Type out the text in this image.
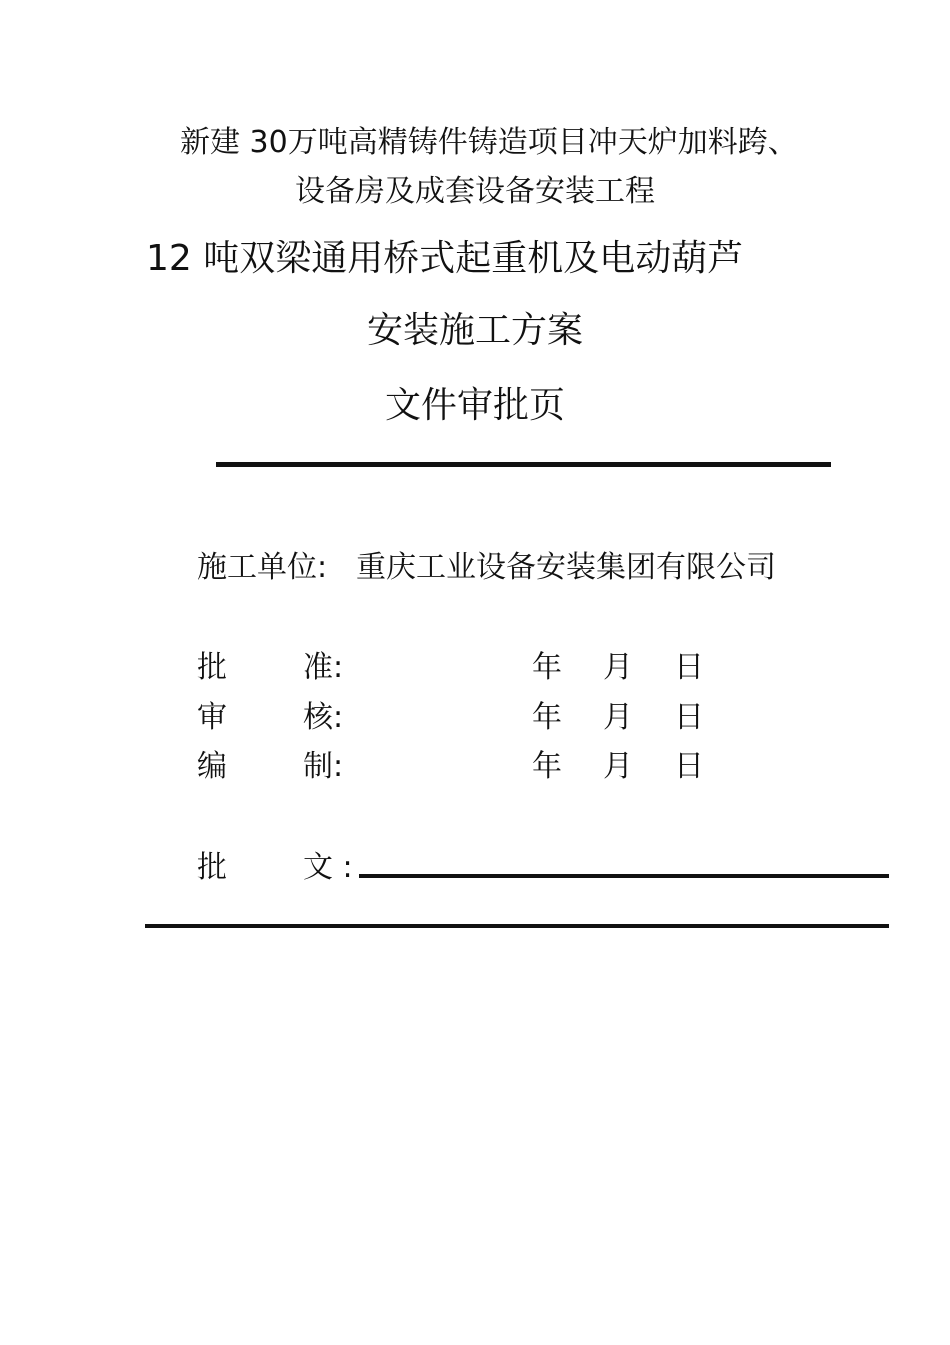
新建 30万吨高精铸件铸造项目冲天炉加料跨、
设备房及成套设备安装工程
12 吨双梁通用桥式起重机及电动葫芦
安装施工方案
文件审批页
施工单位: 重庆工业设备安装集团有限公司
批	准:	年 月 日
审	核:	年 月 日
编	制:	年 月 日
批	文 :
